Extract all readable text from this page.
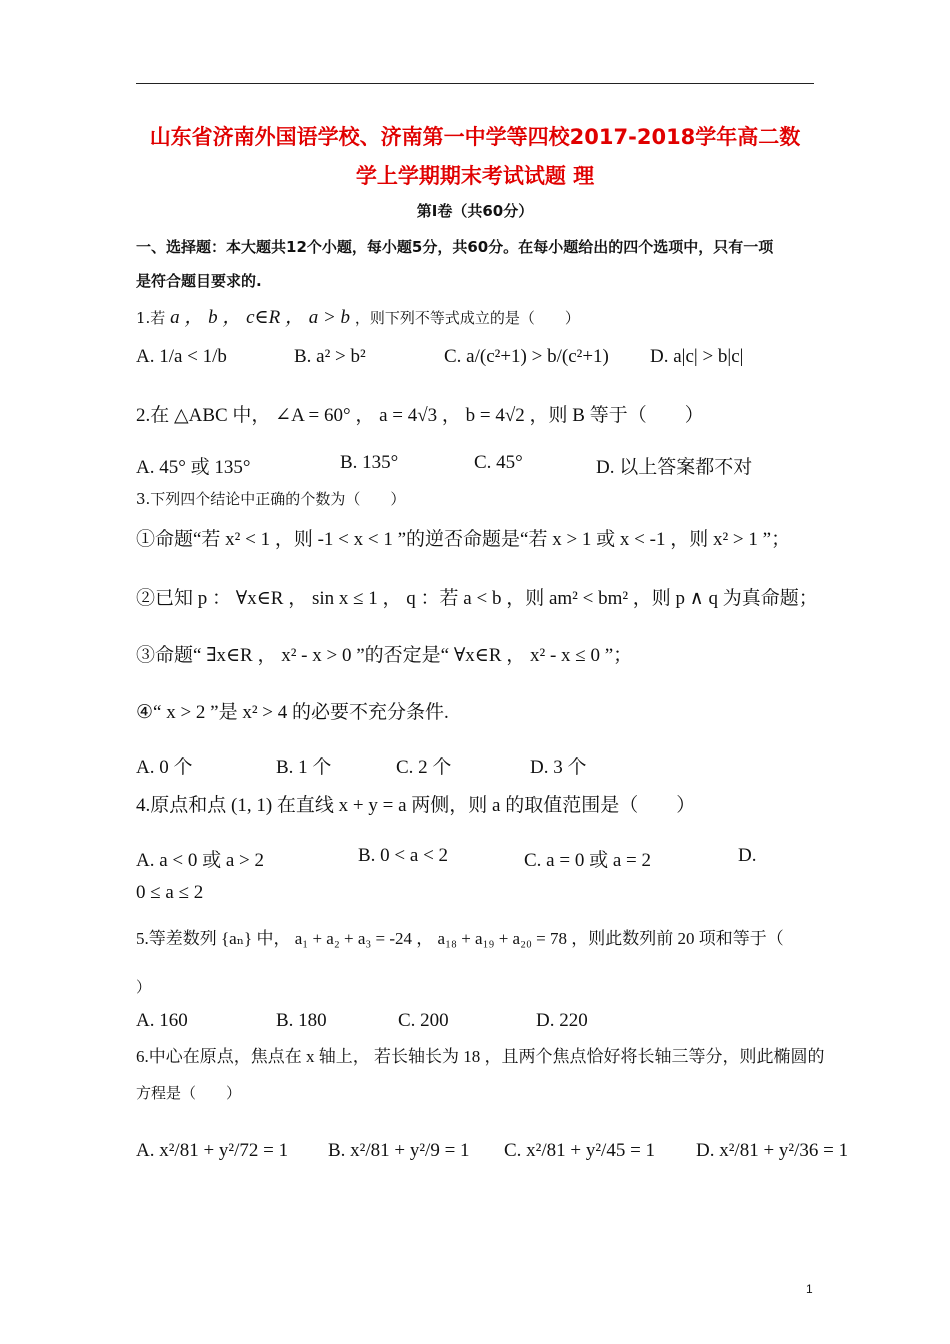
山东省济南外国语学校、济南第一中学等四校2017-2018学年高二数
学上学期期末考试试题 理
第Ⅰ卷（共60分）
一、选择题：本大题共12个小题，每小题5分，共60分。在每小题给出的四个选项中，只有一项
是符合题目要求的.
1.若 a ， b ， c∈R ， a > b ，则下列不等式成立的是（　　）
A. 1/a < 1/b	B. a² > b²	C. a/(c²+1) > b/(c²+1) D. a|c| > b|c|
2.在 △ABC 中， ∠A = 60° ， a = 4√3 ， b = 4√2 ，则 B 等于（　　）
A. 45° 或 135°	B. 135°	C. 45°	D. 以上答案都不对
3.下列四个结论中正确的个数为（　　）
①命题“若 x² < 1 ，则 -1 < x < 1 ”的逆否命题是“若 x > 1 或 x < -1 ，则 x² > 1 ”；
②已知 p ： ∀x∈R ， sin x ≤ 1 ， q ：若 a < b ，则 am² < bm² ，则 p ∧ q 为真命题；
③命题“ ∃x∈R ， x² - x > 0 ”的否定是“ ∀x∈R ， x² - x ≤ 0 ”；
④“ x > 2 ”是 x² > 4 的必要不充分条件.
A. 0 个	B. 1 个	C. 2 个	D. 3 个
4.原点和点 (1, 1) 在直线 x + y = a 两侧，则 a 的取值范围是（　　）
A. a < 0 或 a > 2	B. 0 < a < 2	C. a = 0 或 a = 2	D.
0 ≤ a ≤ 2
5.等差数列 {aₙ} 中， a₁ + a₂ + a₃ = -24 ， a₁₈ + a₁₉ + a₂₀ = 78 ，则此数列前 20 项和等于（
）
A. 160	B. 180	C. 200	D. 220
6.中心在原点，焦点在 x 轴上， 若长轴长为 18 ，且两个焦点恰好将长轴三等分，则此椭圆的
方程是（　　）
A. x²/81 + y²/72 = 1 B. x²/81 + y²/9 = 1 C. x²/81 + y²/45 = 1 D. x²/81 + y²/36 = 1
1
